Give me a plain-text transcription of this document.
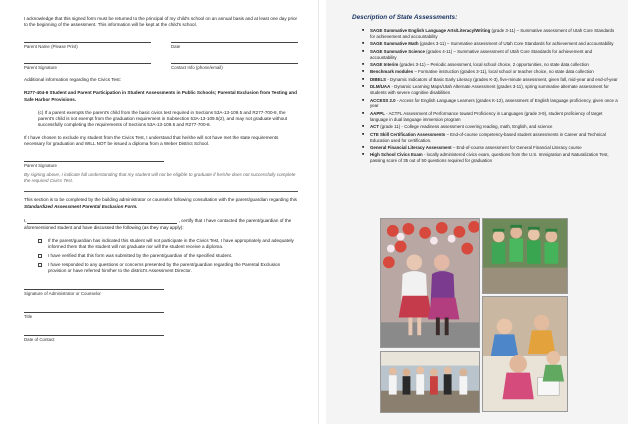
I acknowledge that this signed form must be returned to the principal of my child's school on an annual basis and at least one day prior to the beginning of the assessment. This information will be kept at the child's school.

Parent Name (Please Print)	Date
Parent Signature	Contact Info (phone/email)

Additional information regarding the Civics Test:

R277-404-6 Student and Parent Participation in Student Assessments in Public Schools; Parental Exclusion from Testing and Safe Harbor Provisions.

(c) If a parent exempts the parent's child from the basic civics test required in Sections 53A-13-109.5 and R277-700-8, the parent's child is not exempt from the graduation requirement in Subsection 53A-13-109.5(2), and may not graduate without successfully completing the requirements of Sections 53A-13-109.5 and R277-700-8.

If I have chosen to exclude my student from the Civics Test, I understand that he/she will not have met the state requirements necessary for graduation and WILL NOT be issued a diploma from a Weber District School.

Parent Signature

By signing above, I indicate full understanding that my student will not be eligible to graduate if he/she does not successfully complete the required Civics Test.

This section is to be completed by the building administrator or counselor following consultation with the parent/guardian regarding this Standardized Assessment Parental Exclusion Form.

I,	, certify that I have contacted the parent/guardian of the

aforementioned student and have discussed the following (as they may apply):

If the parent/guardian has indicated this student will not participate in the Civics Test, I have appropriately and adequately informed them that the student will not graduate nor will the student receive a diploma.
I have verified that this form was submitted by the parent/guardian of the specified student.
I have responded to any questions or concerns presented by the parent/guardian regarding the Parental Exclusion provision or have referred him/her to the district's Assessment Director.
Signature of Administrator or Counselor
Title
Date of Contact
Description of State Assessments:
■ SAGE Summative English Language Arts/Literacy/Writing (grade 3-11) – Summative assessment of Utah Core Standards for achievement and accountability
■ SAGE Summative Math (grades 3-11) – Summative assessment of Utah Core Standards for achievement and accountability
■ SAGE Summative Science (grades 4-11) – Summative assessment of Utah Core Standards for achievement and accountability
■ SAGE Interim (grades 3-11) – Periodic assessment, local school choice, 2 opportunities, no state data collection
■ Benchmark modules – Formative instruction (grades 3-11), local school or teacher choice, no state data collection
■ DIBELS - Dynamic Indicators of Basic Early Literacy (grades K-3), five-minute assessment, given fall, mid-year and end-of-year
■ DLM/UAA - Dynamic Learning Maps/Utah Alternate Assessment (grades 3-11), spring summative alternate assessment for students with severe cognitive disabilities
■ ACCESS 2.0 - Access for English Language Learners (grades K-12), assessment of English language proficiency, given once a year
■ AAPPL - ACTFL Assessment of Performance toward Proficiency in Languages (grade 3-9), student proficiency of target language in dual language immersion program
■ ACT (grade 11) - College readiness assessment covering reading, math, English, and science
■ CTE Skill Certification Assessments – End-of-course competency-based student assessments in Career and Technical Education used for certification.
■ General Financial Literacy Assessment – End-of-course assessment for General Financial Literacy course
■ High School Civics Exam - locally administered civics exam, questions from the U.S. Immigration and Naturalization Test, passing score of 35 out of 50 questions required for graduation
